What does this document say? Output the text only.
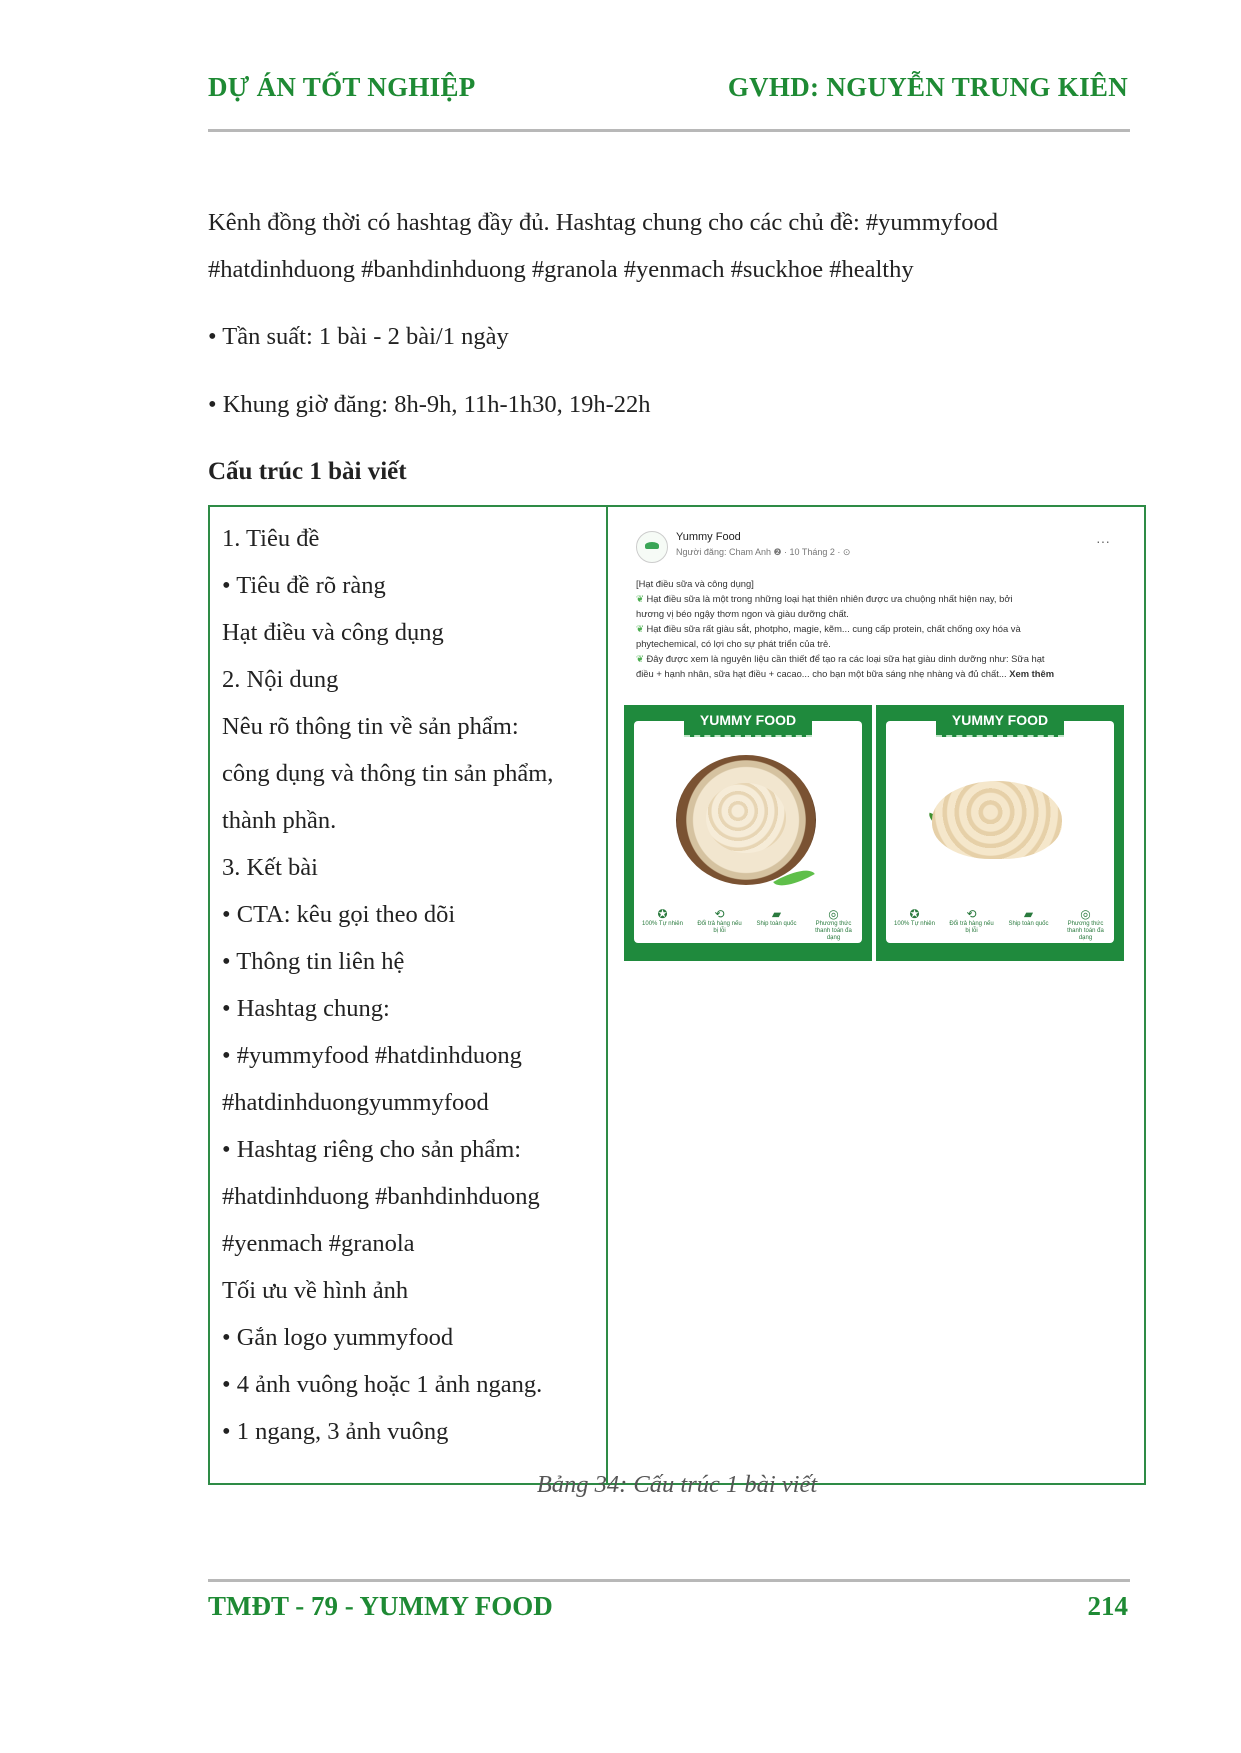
DỰ ÁN TỐT NGHIỆP	GVHD: NGUYỄN TRUNG KIÊN
Kênh đồng thời có hashtag đầy đủ. Hashtag chung cho các chủ đề: #yummyfood
#hatdinhduong #banhdinhduong #granola #yenmach #suckhoe #healthy
• Tần suất: 1 bài - 2 bài/1 ngày
• Khung giờ đăng: 8h-9h, 11h-1h30, 19h-22h
Cấu trúc 1 bài viết
1. Tiêu đề
• Tiêu đề rõ ràng
Hạt điều và công dụng
2. Nội dung
Nêu rõ thông tin về sản phẩm:
công dụng và thông tin sản phẩm,
thành phần.
3. Kết bài
• CTA: kêu gọi theo dõi
• Thông tin liên hệ
• Hashtag chung:
• #yummyfood #hatdinhduong
#hatdinhduongyummyfood
• Hashtag riêng cho sản phẩm:
#hatdinhduong #banhdinhduong
#yenmach #granola
Tối ưu về hình ảnh
• Gắn logo yummyfood
• 4 ảnh vuông hoặc 1 ảnh ngang.
• 1 ngang, 3 ảnh vuông
Yummy Food
Người đăng: Cham Anh ❷ · 10 Tháng 2 · ⊙
···
[Hạt điều sữa và công dụng]
❦ Hạt điều sữa là một trong những loại hạt thiên nhiên được ưa chuộng nhất hiện nay, bởi
hương vị béo ngậy thơm ngon và giàu dưỡng chất.
❦ Hạt điều sữa rất giàu sắt, photpho, magie, kẽm... cung cấp protein, chất chống oxy hóa và
phytechemical, có lợi cho sự phát triển của trẻ.
❦ Đây được xem là nguyên liệu cần thiết để tạo ra các loại sữa hạt giàu dinh dưỡng như: Sữa hạt
điều + hạnh nhân, sữa hạt điều + cacao... cho bạn một bữa sáng nhẹ nhàng và đủ chất... Xem thêm
✪
100% Tự nhiên
⟲
Đổi trả hàng nếu bị lỗi
▰
Ship toàn quốc
◎
Phương thức thanh toán đa dạng
YUMMY FOOD
✪
100% Tự nhiên
⟲
Đổi trả hàng nếu bị lỗi
▰
Ship toàn quốc
◎
Phương thức thanh toán đa dạng
YUMMY FOOD
Bảng 34: Cấu trúc 1 bài viết
TMĐT - 79 - YUMMY FOOD	214
